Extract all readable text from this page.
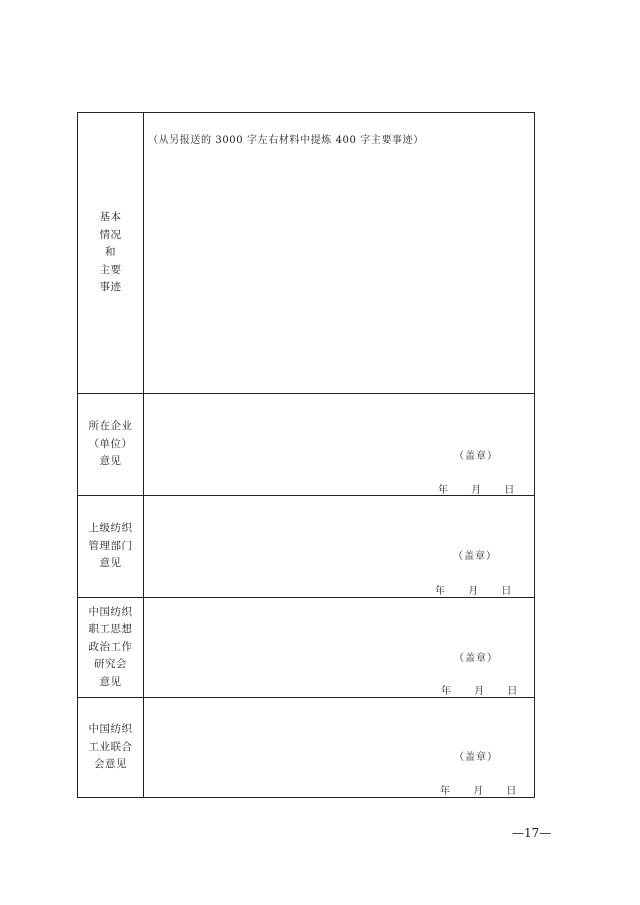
基本
情况
和
主要
事迹
（从另报送的 3000 字左右材料中提炼 400 字主要事迹）
所在企业
（单位）
意见	（盖章）
年 月 日
上级纺织
管理部门
意见
（盖章）
年 月 日
中国纺织
职工思想
政治工作
研究会
意见
（盖章）
年 月 日
中国纺织
工业联合
会意见
（盖章）
年 月 日
—17—
